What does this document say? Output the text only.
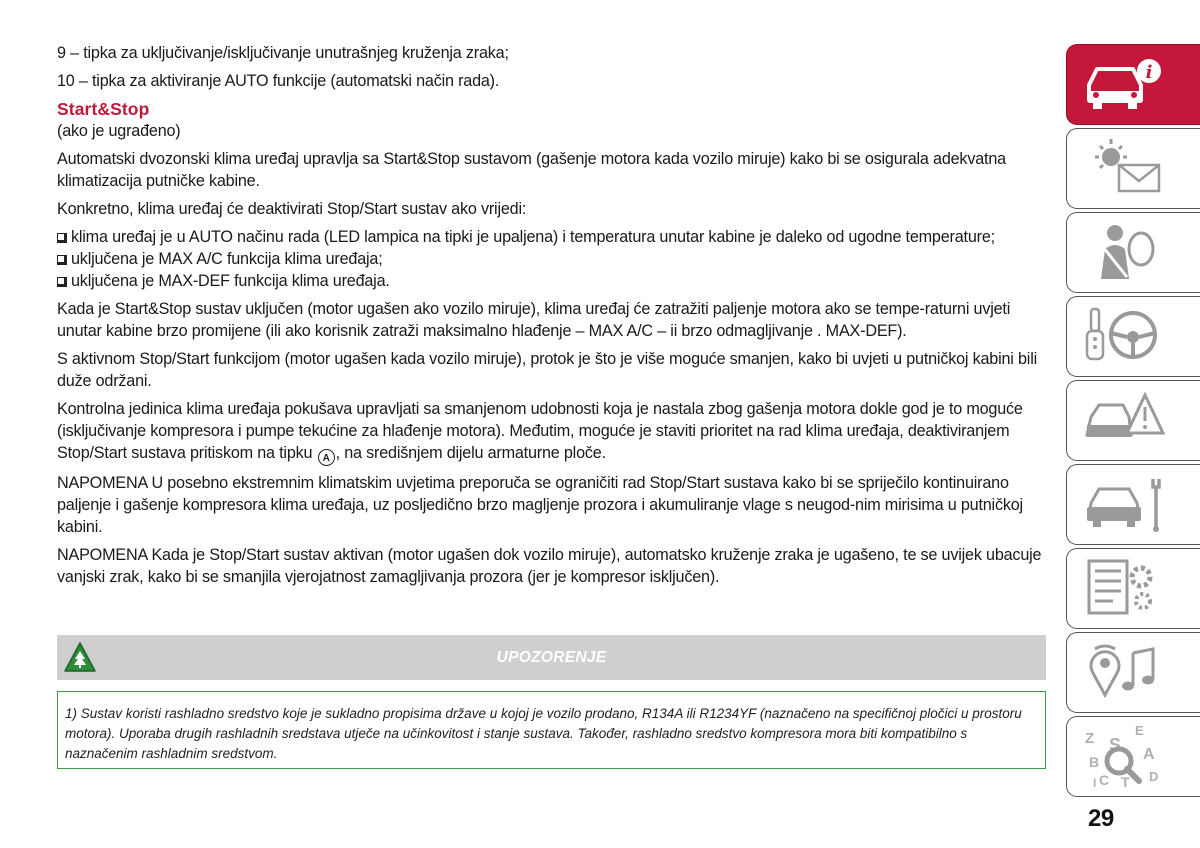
9 – tipka za uključivanje/isključivanje unutrašnjeg kruženja zraka;

10 – tipka za aktiviranje AUTO funkcije (automatski način rada).

Start&Stop

(ako je ugrađeno)

Automatski dvozonski klima uređaj upravlja sa Start&Stop sustavom (gašenje motora kada vozilo miruje) kako bi se osigurala adekvatna klimatizacija putničke kabine.

Konkretno, klima uređaj će deaktivirati Stop/Start sustav ako vrijedi:

klima uređaj je u AUTO načinu rada (LED lampica na tipki je upaljena) i temperatura unutar kabine je daleko od ugodne temperature;
uključena je MAX A/C funkcija klima uređaja;
uključena je MAX-DEF funkcija klima uređaja.

Kada je Start&Stop sustav uključen (motor ugašen ako vozilo miruje), klima uređaj će zatražiti paljenje motora ako se tempe-raturni uvjeti unutar kabine brzo promijene (ili ako korisnik zatraži maksimalno hlađenje – MAX A/C – ii brzo odmagljivanje . MAX-DEF).

S aktivnom Stop/Start funkcijom (motor ugašen kada vozilo miruje), protok je što je više moguće smanjen, kako bi uvjeti u putničkoj kabini bili duže održani.

Kontrolna jedinica klima uređaja pokušava upravljati sa smanjenom udobnosti koja je nastala zbog gašenja motora dokle god je to moguće (isključivanje kompresora i pumpe tekućine za hlađenje motora). Međutim, moguće je staviti prioritet na rad klima uređaja, deaktiviranjem Stop/Start sustava pritiskom na tipku A , na središnjem dijelu armaturne ploče.

NAPOMENA U posebno ekstremnim klimatskim uvjetima preporuča se ograničiti rad Stop/Start sustava kako bi se spriječilo kontinuirano paljenje i gašenje kompresora klima uređaja, uz posljedično brzo magljenje prozora i akumuliranje vlage s neugod-nim mirisima u putničkoj kabini.

NAPOMENA Kada je Stop/Start sustav aktivan (motor ugašen dok vozilo miruje), automatsko kruženje zraka je ugašeno, te se uvijek ubacuje vanjski zrak, kako bi se smanjila vjerojatnost zamagljivanja prozora (jer je kompresor isključen).

UPOZORENJE
1) Sustav koristi rashladno sredstvo koje je sukladno propisima države u kojoj je vozilo prodano, R134A ili R1234YF (naznačeno na specifičnoj pločici u prostoru motora). Uporaba drugih rashladnih sredstava utječe na učinkovitost i stanje sustava. Također, rashladno sredstvo kompresora mora biti kompatibilno s naznačenim rashladnim sredstvom.
i
Z	E
S A
B
C T D
I
29
